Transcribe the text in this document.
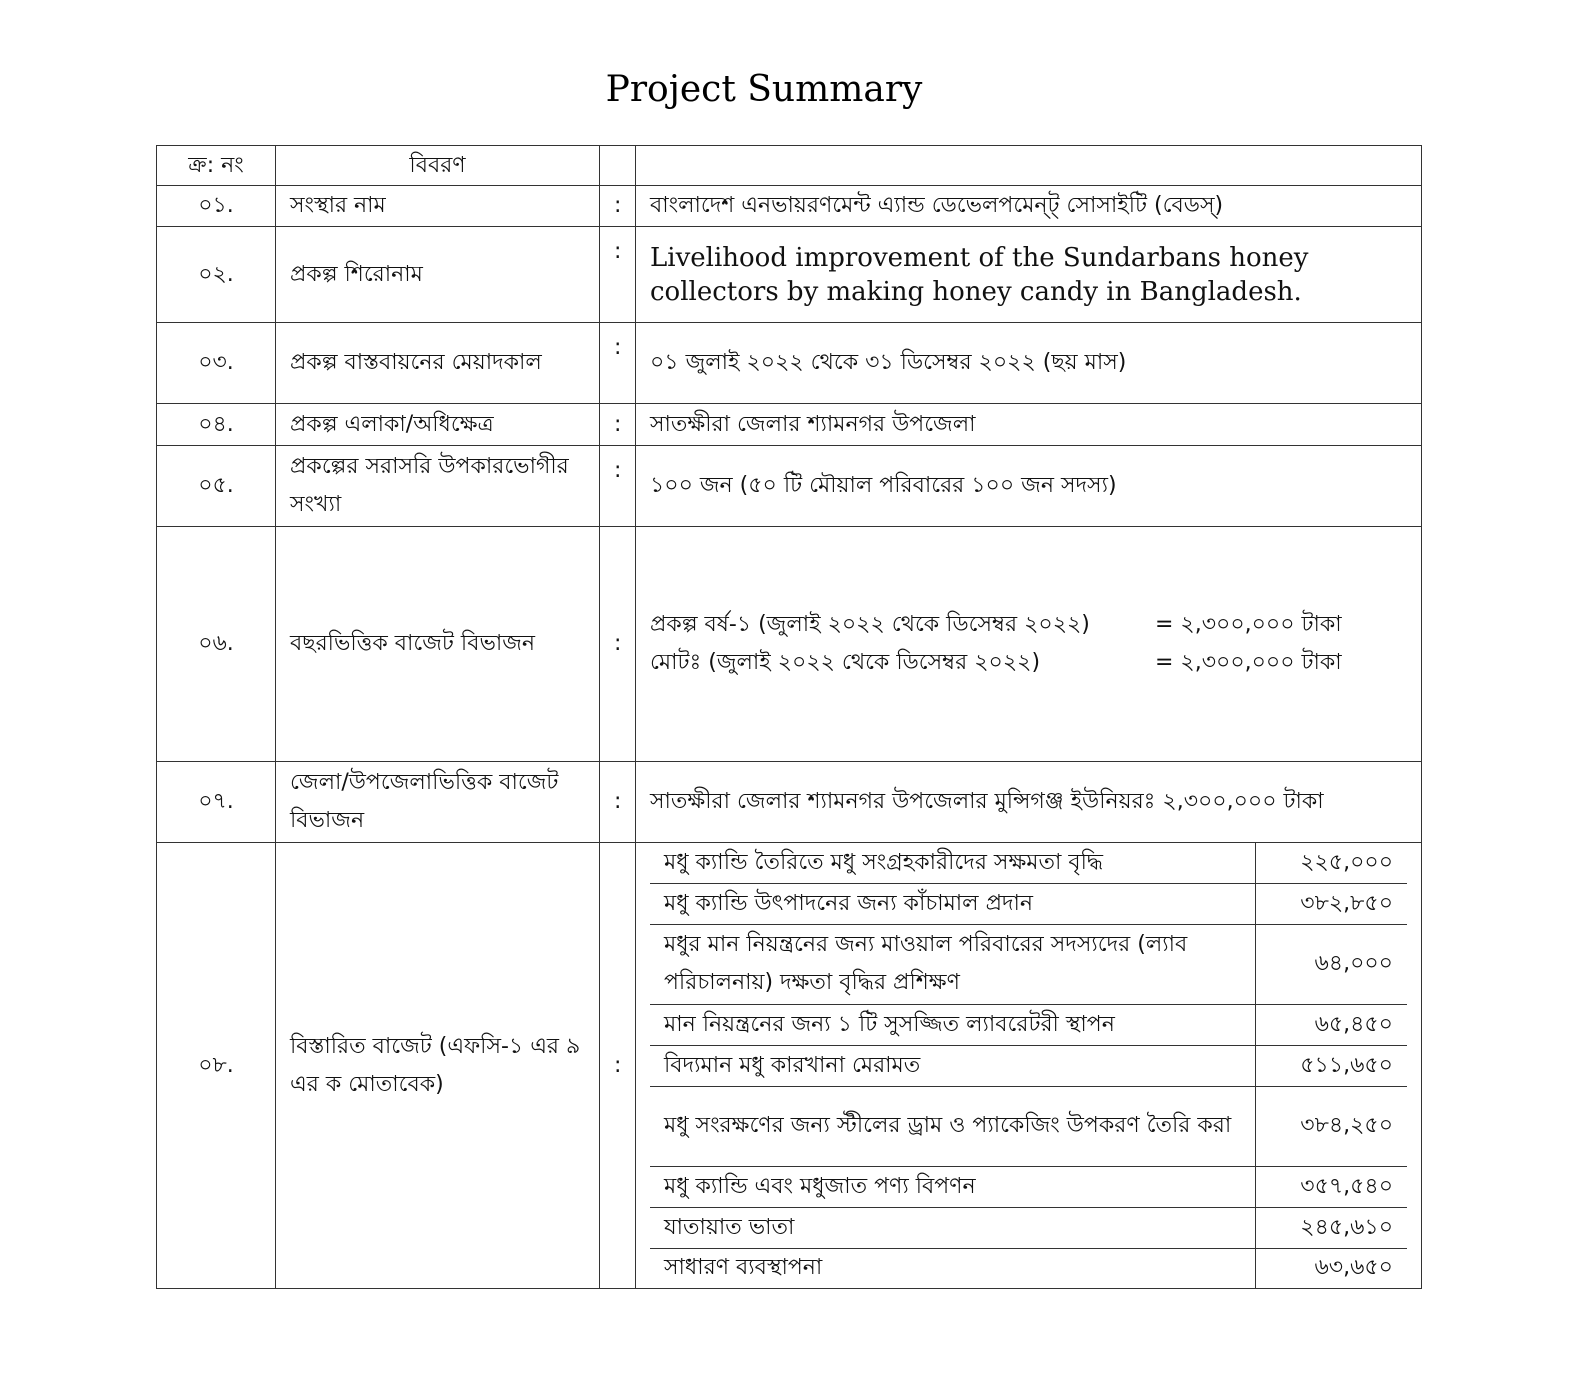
Project Summary
ক্র: নং	বিবরণ		
০১.	সংস্থার নাম	:	বাংলাদেশ এনভায়রণমেন্ট এ্যান্ড ডেভেলপমেন্ট্ সোসাইটি (বেডস্)
০২.	প্রকল্প শিরোনাম	:	Livelihood improvement of the Sundarbans honey
collectors by making honey candy in Bangladesh.

০৩.	প্রকল্প বাস্তবায়নের মেয়াদকাল	:	০১ জুলাই ২০২২ থেকে ৩১ ডিসেম্বর ২০২২ (ছয় মাস)
০৪.	প্রকল্প এলাকা/অধিক্ষেত্র	:	সাতক্ষীরা জেলার শ্যামনগর উপজেলা
০৫.	প্রকল্পের সরাসরি উপকারভোগীর সংখ্যা	:	১০০ জন (৫০ টি মৌয়াল পরিবারের ১০০ জন সদস্য)
০৬.	বছরভিত্তিক বাজেট বিভাজন	:	
প্রকল্প বর্ষ-১ (জুলাই ২০২২ থেকে ডিসেম্বর ২০২২)	= ২,৩০০,০০০ টাকা
মোটঃ (জুলাই ২০২২ থেকে ডিসেম্বর ২০২২)	= ২,৩০০,০০০ টাকা

০৭.	জেলা/উপজেলাভিত্তিক বাজেট বিভাজন	:	সাতক্ষীরা জেলার শ্যামনগর উপজেলার মুন্সিগঞ্জ ইউনিয়রঃ ২,৩০০,০০০ টাকা
০৮.	বিস্তারিত বাজেট (এফসি-১ এর ৯ এর ক মোতাবেক)	:	
মধু ক্যান্ডি তৈরিতে মধু সংগ্রহকারীদের সক্ষমতা বৃদ্ধি	২২৫,০০০
মধু ক্যান্ডি উৎপাদনের জন্য কাঁচামাল প্রদান	৩৮২,৮৫০
মধুর মান নিয়ন্ত্রনের জন্য মাওয়াল পরিবারের সদস্যদের (ল্যাব পরিচালনায়) দক্ষতা বৃদ্ধির প্রশিক্ষণ	৬৪,০০০
মান নিয়ন্ত্রনের জন্য ১ টি সুসজ্জিত ল্যাবরেটরী স্থাপন	৬৫,৪৫০
বিদ্যমান মধু কারখানা মেরামত	৫১১,৬৫০
মধু সংরক্ষণের জন্য স্টীলের ড্রাম ও প্যাকেজিং উপকরণ তৈরি করা	৩৮৪,২৫০
মধু ক্যান্ডি এবং মধুজাত পণ্য বিপণন	৩৫৭,৫৪০
যাতায়াত ভাতা	২৪৫,৬১০
সাধারণ ব্যবস্থাপনা	৬৩,৬৫০
